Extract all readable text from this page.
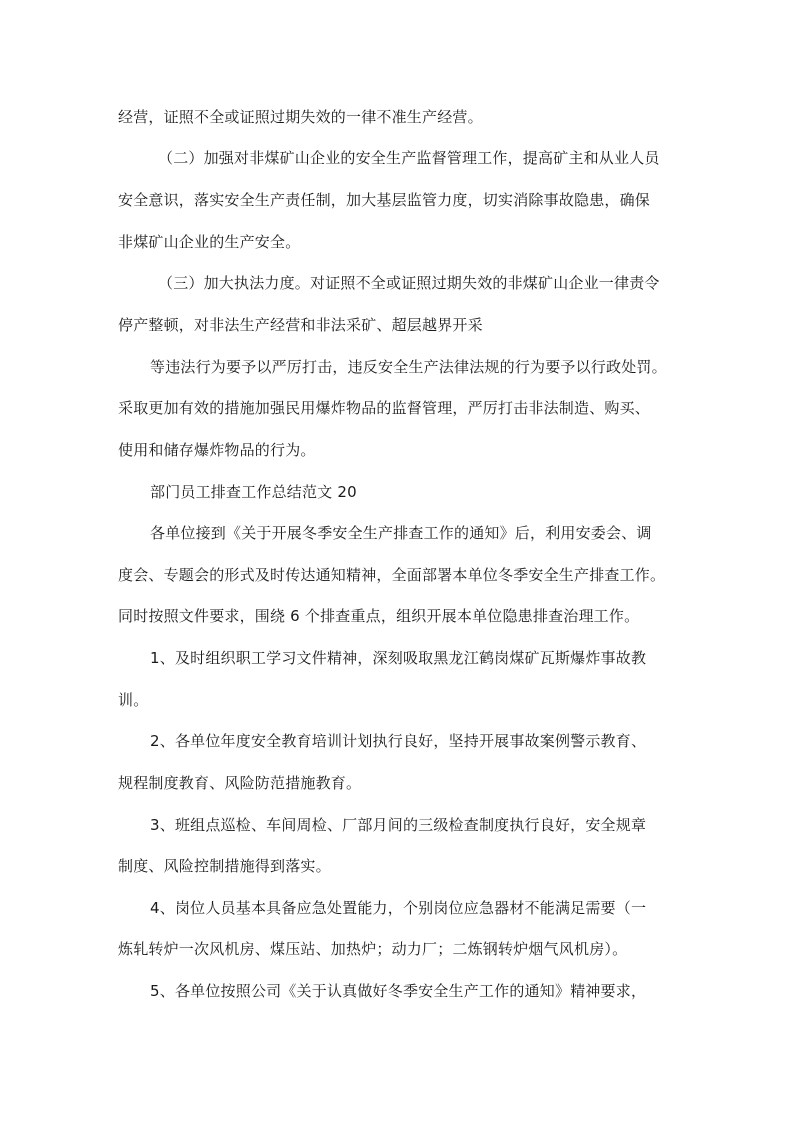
经营，证照不全或证照过期失效的一律不准生产经营。
（二）加强对非煤矿山企业的安全生产监督管理工作，提高矿主和从业人员
安全意识，落实安全生产责任制，加大基层监管力度，切实消除事故隐患，确保
非煤矿山企业的生产安全。
（三）加大执法力度。对证照不全或证照过期失效的非煤矿山企业一律责令
停产整顿，对非法生产经营和非法采矿、超层越界开采
等违法行为要予以严厉打击，违反安全生产法律法规的行为要予以行政处罚。
采取更加有效的措施加强民用爆炸物品的监督管理，严厉打击非法制造、购买、
使用和储存爆炸物品的行为。
部门员工排查工作总结范文 20
各单位接到《关于开展冬季安全生产排查工作的通知》后，利用安委会、调
度会、专题会的形式及时传达通知精神，全面部署本单位冬季安全生产排查工作。
同时按照文件要求，围绕 6 个排查重点，组织开展本单位隐患排查治理工作。
1、及时组织职工学习文件精神，深刻吸取黑龙江鹤岗煤矿瓦斯爆炸事故教
训。
2、各单位年度安全教育培训计划执行良好，坚持开展事故案例警示教育、
规程制度教育、风险防范措施教育。
3、班组点巡检、车间周检、厂部月间的三级检查制度执行良好，安全规章
制度、风险控制措施得到落实。
4、岗位人员基本具备应急处置能力，个别岗位应急器材不能满足需要（一
炼轧转炉一次风机房、煤压站、加热炉；动力厂；二炼钢转炉烟气风机房）。
5、各单位按照公司《关于认真做好冬季安全生产工作的通知》精神要求，
